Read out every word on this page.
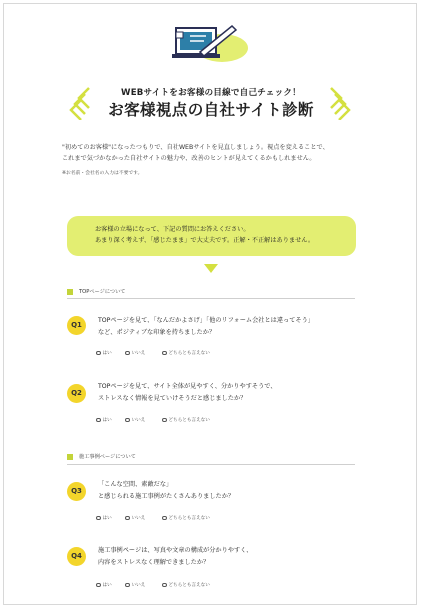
WEBサイトをお客様の目線で自己チェック！
お客様視点の自社サイト診断
"初めてのお客様"になったつもりで、自社WEBサイトを見直しましょう。視点を変えることで、
これまで気づかなかった自社サイトの魅力や、改善のヒントが見えてくるかもしれません。
※お名前・会社名の入力は不要です。
お客様の立場になって、下記の質問にお答えください。
あまり深く考えず、「感じたまま」で大丈夫です。正解・不正解はありません。
TOPページについて
Q1
TOPページを見て、「なんだかよさげ」「他のリフォーム会社とは違ってそう」
など、ポジティブな印象を持ちましたか？
はい	いいえ	どちらとも言えない
Q2
TOPページを見て、サイト全体が見やすく、分かりやすそうで、
ストレスなく情報を見ていけそうだと感じましたか？
はい	いいえ	どちらとも言えない
施工事例ページについて
Q3
「こんな空間、素敵だな」
と感じられる施工事例がたくさんありましたか？
はい	いいえ	どちらとも言えない
Q4
施工事例ページは、写真や文章の構成が分かりやすく、
内容をストレスなく理解できましたか？
はい	いいえ	どちらとも言えない
